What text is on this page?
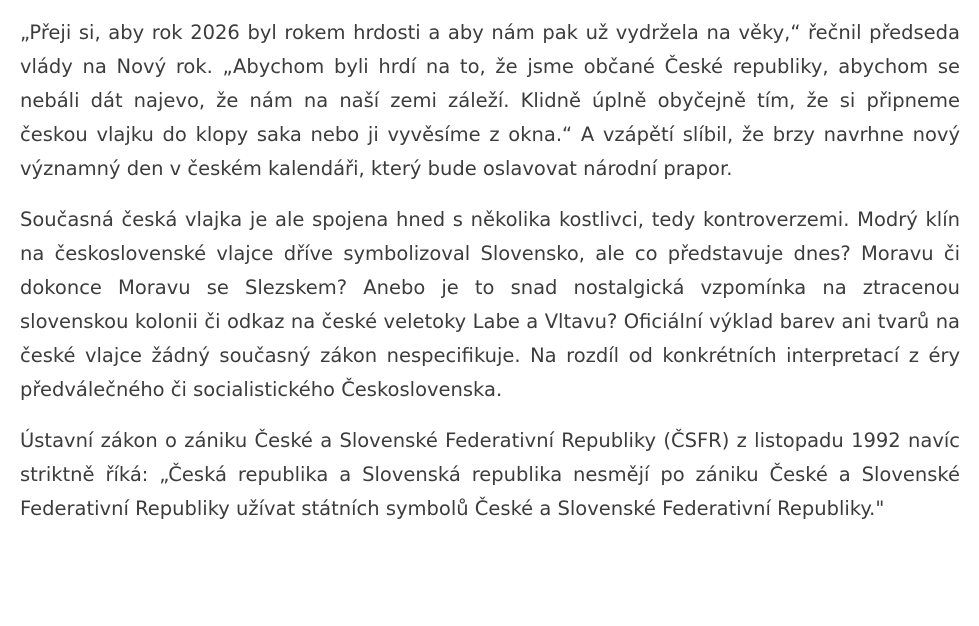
„Přeji si, aby rok 2026 byl rokem hrdosti a aby nám pak už vydržela na věky,“ řečnil předseda vlády na Nový rok. „Abychom byli hrdí na to, že jsme občané České republiky, abychom se nebáli dát najevo, že nám na naší zemi záleží. Klidně úplně obyčejně tím, že si připneme českou vlajku do klopy saka nebo ji vyvěsíme z okna.“ A vzápětí slíbil, že brzy navrhne nový významný den v českém kalendáři, který bude oslavovat národní prapor.

Současná česká vlajka je ale spojena hned s několika kostlivci, tedy kontroverzemi. Modrý klín na československé vlajce dříve symbolizoval Slovensko, ale co představuje dnes? Moravu či dokonce Moravu se Slezskem? Anebo je to snad nostalgická vzpomínka na ztracenou slovenskou kolonii či odkaz na české veletoky Labe a Vltavu? Oficiální výklad barev ani tvarů na české vlajce žádný současný zákon nespecifikuje. Na rozdíl od konkrétních interpretací z éry předválečného či socialistického Československa.

Ústavní zákon o zániku České a Slovenské Federativní Republiky (ČSFR) z listopadu 1992 navíc striktně říká: „Česká republika a Slovenská republika nesmějí po zániku České a Slovenské Federativní Republiky užívat státních symbolů České a Slovenské Federativní Republiky."
